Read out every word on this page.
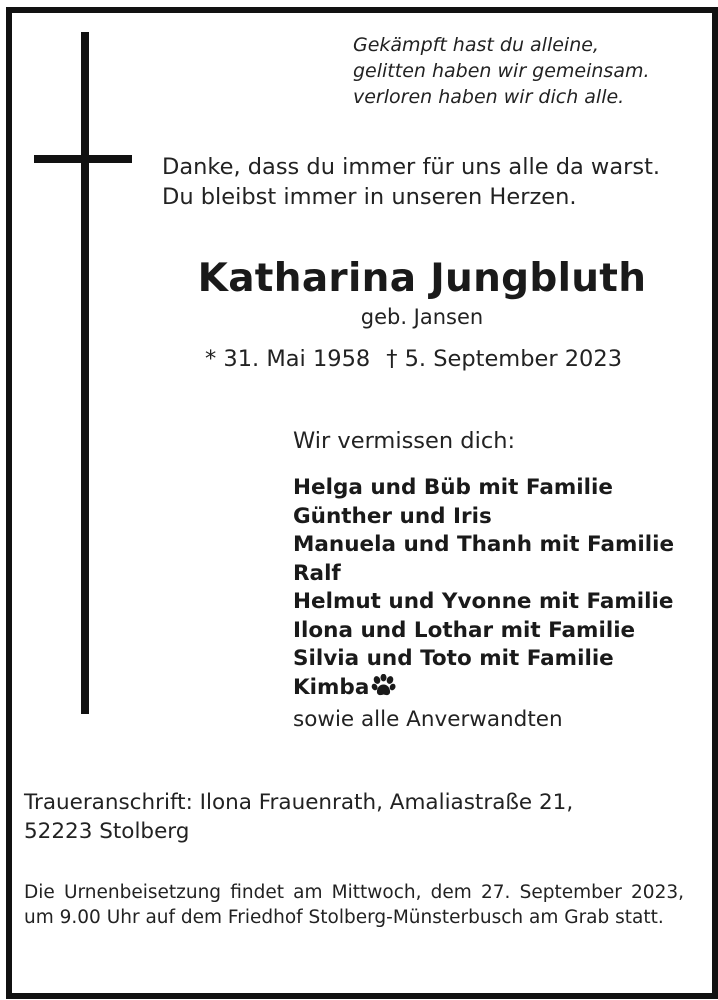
Gekämpft hast du alleine,
gelitten haben wir gemeinsam.
verloren haben wir dich alle.
Danke, dass du immer für uns alle da warst.
Du bleibst immer in unseren Herzen.
Katharina Jungbluth
geb. Jansen
* 31. Mai 1958 † 5. September 2023
Wir vermissen dich:
Helga und Büb mit Familie
Günther und Iris
Manuela und Thanh mit Familie
Ralf
Helmut und Yvonne mit Familie
Ilona und Lothar mit Familie
Silvia und Toto mit Familie
Kimba
sowie alle Anverwandten
Traueranschrift: Ilona Frauenrath, Amaliastraße 21,
52223 Stolberg
Die Urnenbeisetzung findet am Mittwoch, dem 27. September 2023, um 9.00 Uhr auf dem Friedhof Stolberg-Münsterbusch am Grab statt.
